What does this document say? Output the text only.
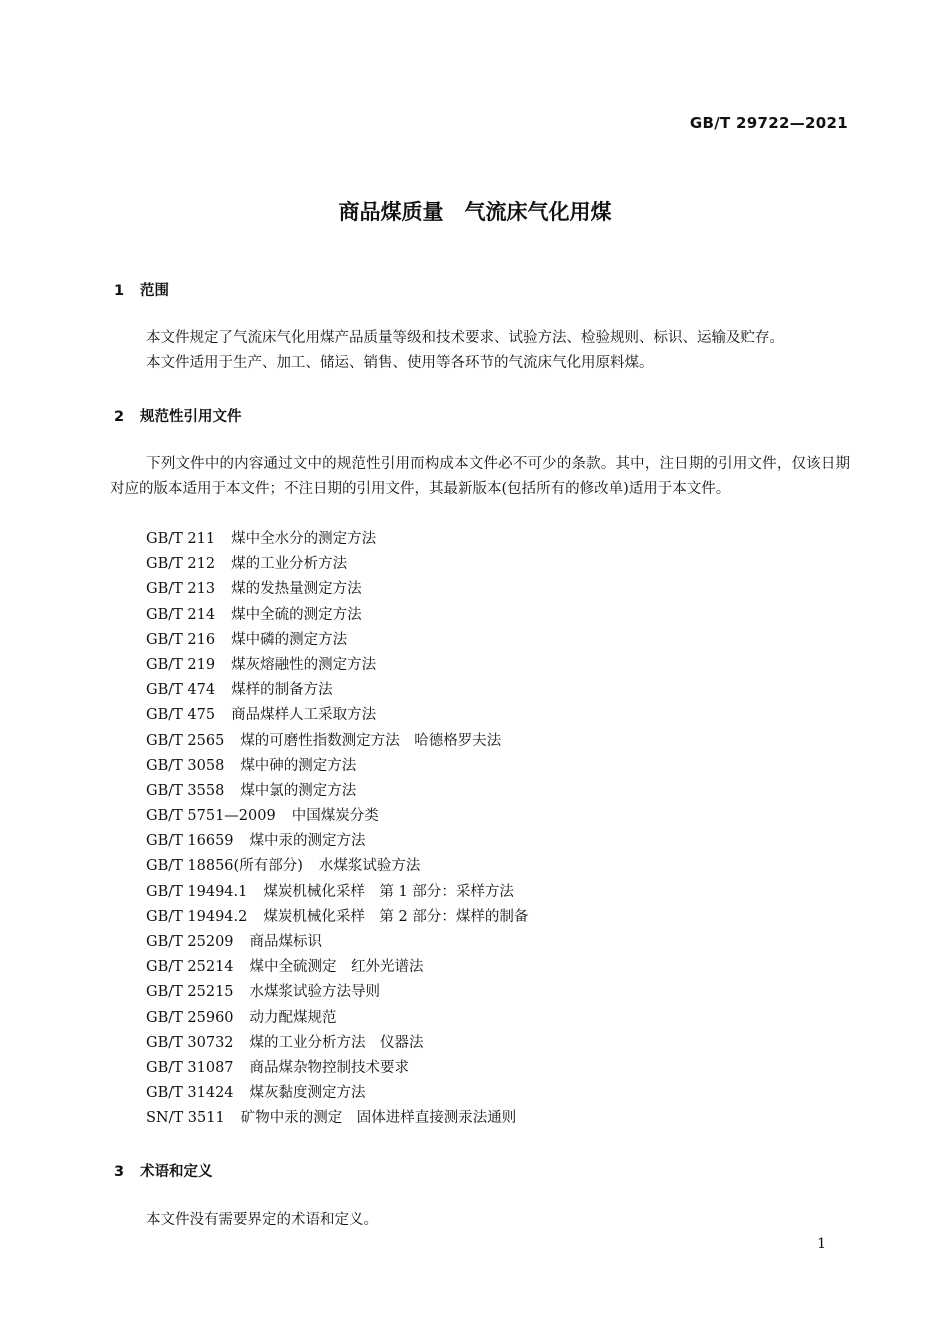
GB/T 29722—2021
商品煤质量　气流床气化用煤
1 范围
本文件规定了气流床气化用煤产品质量等级和技术要求、试验方法、检验规则、标识、运输及贮存。
本文件适用于生产、加工、储运、销售、使用等各环节的气流床气化用原料煤。
2 规范性引用文件
下列文件中的内容通过文中的规范性引用而构成本文件必不可少的条款。其中，注日期的引用文件，仅该日期对应的版本适用于本文件；不注日期的引用文件，其最新版本(包括所有的修改单)适用于本文件。
GB/T 211 煤中全水分的测定方法
GB/T 212 煤的工业分析方法
GB/T 213 煤的发热量测定方法
GB/T 214 煤中全硫的测定方法
GB/T 216 煤中磷的测定方法
GB/T 219 煤灰熔融性的测定方法
GB/T 474 煤样的制备方法
GB/T 475 商品煤样人工采取方法
GB/T 2565 煤的可磨性指数测定方法　哈德格罗夫法
GB/T 3058 煤中砷的测定方法
GB/T 3558 煤中氯的测定方法
GB/T 5751—2009 中国煤炭分类
GB/T 16659 煤中汞的测定方法
GB/T 18856(所有部分) 水煤浆试验方法
GB/T 19494.1 煤炭机械化采样　第 1 部分：采样方法
GB/T 19494.2 煤炭机械化采样　第 2 部分：煤样的制备
GB/T 25209 商品煤标识
GB/T 25214 煤中全硫测定　红外光谱法
GB/T 25215 水煤浆试验方法导则
GB/T 25960 动力配煤规范
GB/T 30732 煤的工业分析方法　仪器法
GB/T 31087 商品煤杂物控制技术要求
GB/T 31424 煤灰黏度测定方法
SN/T 3511 矿物中汞的测定　固体进样直接测汞法通则
3 术语和定义
本文件没有需要界定的术语和定义。
1
